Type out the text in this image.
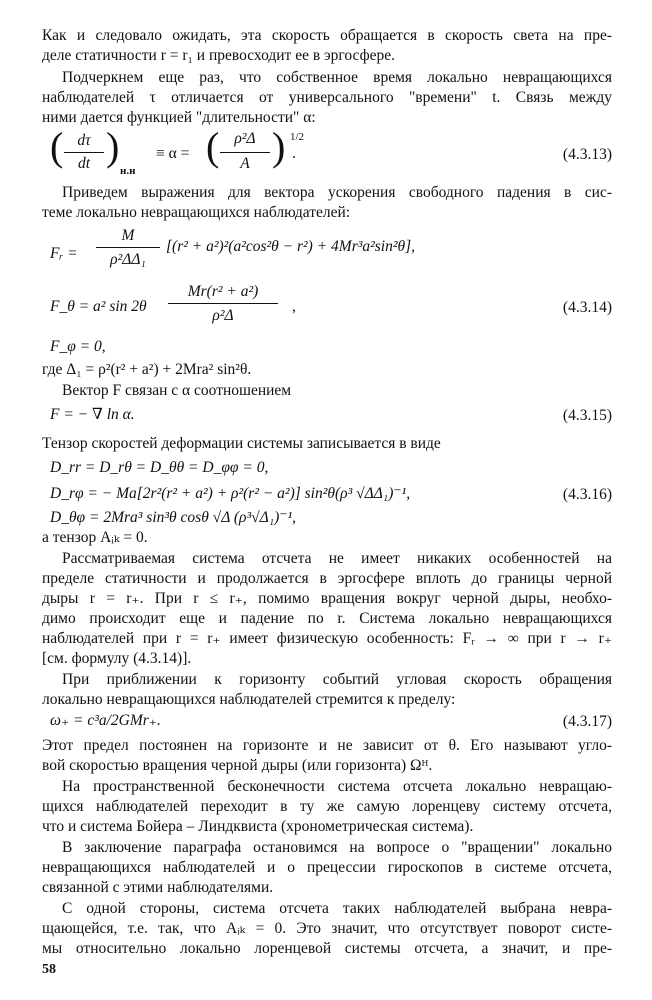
Как и следовало ожидать, эта скорость обращается в скорость света на пре-
деле статичности r = r₁ и превосходит ее в эргосфере.
Подчеркнем еще раз, что собственное время локально невращающихся
наблюдателей τ отличается от универсального "времени" t. Связь между
ними дается функцией "длительности" α:
( dτ
dt )
н.н
≡ α = ( ρ²Δ
A ) 1/2
.	(4.3.13)
Приведем выражения для вектора ускорения свободного падения в сис-
теме локально невращающихся наблюдателей:
Fᵣ =
M
ρ²ΔΔ₁
[(r² + a²)²(a²cos²θ − r²) + 4Mr³a²sin²θ],
F_θ = a² sin 2θ
Mr(r² + a²)
ρ²Δ
,	(4.3.14)
F_φ = 0,
где Δ₁ = ρ²(r² + a²) + 2Mra² sin²θ.
Вектор F связан с α соотношением
F = − ∇ ln α.	(4.3.15)
Тензор скоростей деформации системы записывается в виде
D_rr = D_rθ = D_θθ = D_φφ = 0,
D_rφ = − Ma[2r²(r² + a²) + ρ²(r² − a²)] sin²θ(ρ³ √ΔΔ₁)⁻¹,	(4.3.16)
D_θφ = 2Mra³ sin³θ cosθ √Δ (ρ³√Δ₁)⁻¹,
а тензор Aᵢₖ = 0.
Рассматриваемая система отсчета не имеет никаких особенностей на
пределе статичности и продолжается в эргосфере вплоть до границы черной
дыры r = r₊. При r ≤ r₊, помимо вращения вокруг черной дыры, необхо-
димо происходит еще и падение по r. Система локально невращающихся
наблюдателей при r = r₊ имеет физическую особенность: Fᵣ → ∞ при r → r₊
[см. формулу (4.3.14)].
При приближении к горизонту событий угловая скорость обращения
локально невращающихся наблюдателей стремится к пределу:
ω₊ = c³a/2GMr₊.	(4.3.17)
Этот предел постоянен на горизонте и не зависит от θ. Его называют угло-
вой скоростью вращения черной дыры (или горизонта) Ωᴴ.
На пространственной бесконечности система отсчета локально невращаю-
щихся наблюдателей переходит в ту же самую лоренцеву систему отсчета,
что и система Бойера – Линдквиста (хронометрическая система).
В заключение параграфа остановимся на вопросе о "вращении" локально
невращающихся наблюдателей и о прецессии гироскопов в системе отсчета,
связанной с этими наблюдателями.
С одной стороны, система отсчета таких наблюдателей выбрана невра-
щающейся, т.е. так, что Aᵢₖ = 0. Это значит, что отсутствует поворот систе-
мы относительно локально лоренцевой системы отсчета, а значит, и пре-
58
